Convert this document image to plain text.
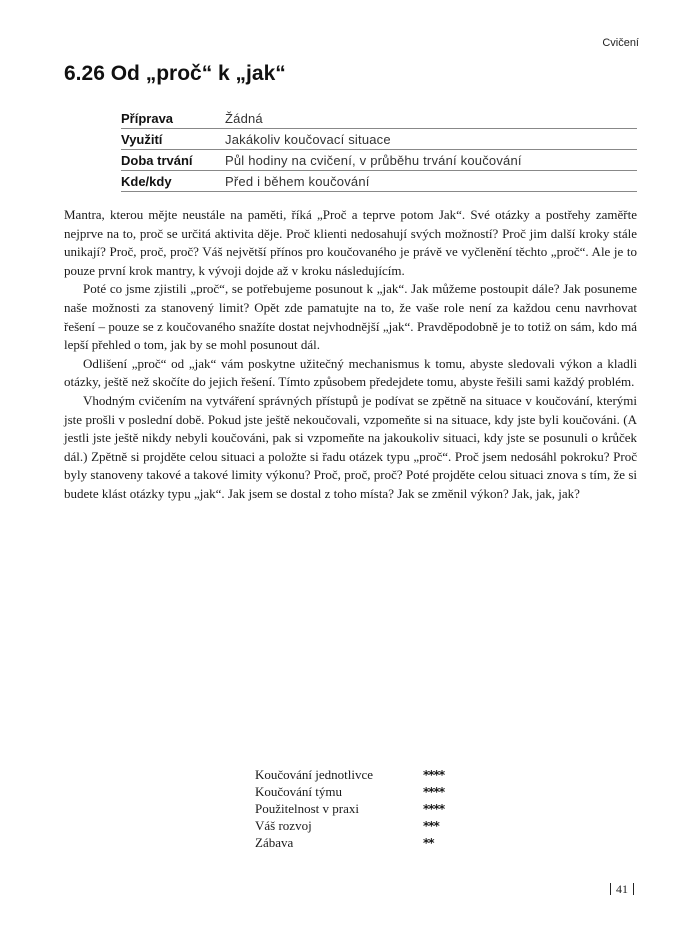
Cvičení
6.26 Od „proč“ k „jak“
Příprava	Žádná
Využití	Jakákoliv koučovací situace
Doba trvání	Půl hodiny na cvičení, v průběhu trvání koučování
Kde/kdy	Před i během koučování

Mantra, kterou mějte neustále na paměti, říká „Proč a teprve potom Jak“. Své otázky a postřehy zaměřte nejprve na to, proč se určitá aktivita děje. Proč klienti nedosahují svých možností? Proč jim další kroky stále unikají? Proč, proč, proč? Váš největší přínos pro koučovaného je právě ve vyčlenění těchto „proč“. Ale je to pouze první krok mantry, k vývoji dojde až v kroku následujícím.

Poté co jsme zjistili „proč“, se potřebujeme posunout k „jak“. Jak můžeme postoupit dále? Jak posuneme naše možnosti za stanovený limit? Opět zde pamatujte na to, že vaše role není za každou cenu navrhovat řešení – pouze se z koučovaného snažíte dostat nejvhodnější „jak“. Pravděpodobně je to totiž on sám, kdo má lepší přehled o tom, jak by se mohl posunout dál.

Odlišení „proč“ od „jak“ vám poskytne užitečný mechanismus k tomu, abyste sledovali výkon a kladli otázky, ještě než skočíte do jejich řešení. Tímto způsobem předejdete tomu, abyste řešili sami každý problém.

Vhodným cvičením na vytváření správných přístupů je podívat se zpětně na situace v koučování, kterými jste prošli v poslední době. Pokud jste ještě nekoučovali, vzpomeňte si na situace, kdy jste byli koučováni. (A jestli jste ještě nikdy nebyli koučováni, pak si vzpomeňte na jakoukoliv situaci, kdy jste se posunuli o krůček dál.) Zpětně si projděte celou situaci a položte si řadu otázek typu „proč“. Proč jsem nedosáhl pokroku? Proč byly stanoveny takové a takové limity výkonu? Proč, proč, proč? Poté projděte celou situaci znova s tím, že si budete klást otázky typu „jak“. Jak jsem se dostal z toho místa? Jak se změnil výkon? Jak, jak, jak?

Koučování jednotlivce	****
Koučování týmu	****
Použitelnost v praxi	****
Váš rozvoj	***
Zábava	**
41
